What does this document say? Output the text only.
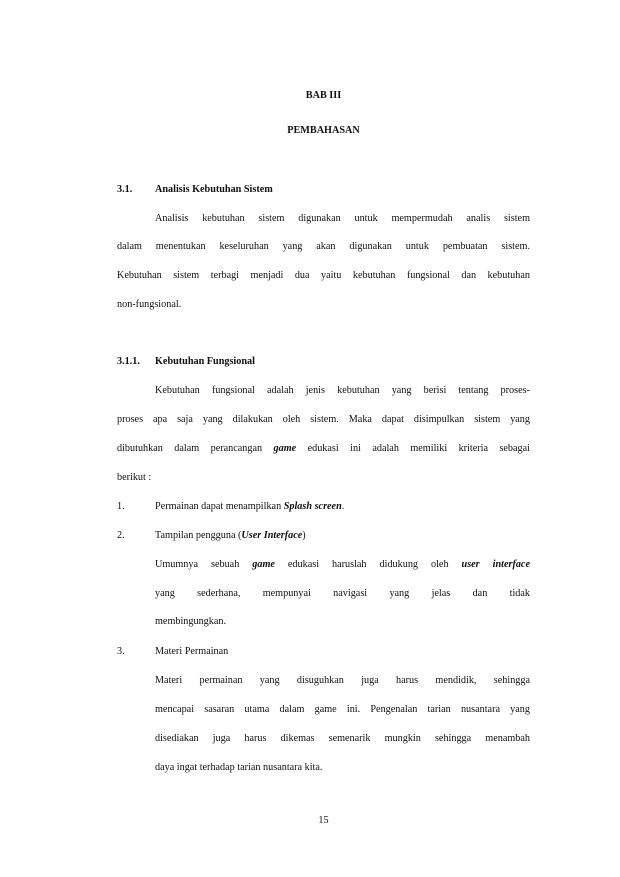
BAB III
PEMBAHASAN
3.1. Analisis Kebutuhan Sistem
Analisis kebutuhan sistem digunakan untuk mempermudah analis sistem
dalam menentukan keseluruhan yang akan digunakan untuk pembuatan sistem.
Kebutuhan sistem terbagi menjadi dua yaitu kebutuhan fungsional dan kebutuhan
non-fungsional.
3.1.1. Kebutuhan Fungsional
Kebutuhan fungsional adalah jenis kebutuhan yang berisi tentang proses-
proses apa saja yang dilakukan oleh sistem. Maka dapat disimpulkan sistem yang
dibutuhkan dalam perancangan game edukasi ini adalah memiliki kriteria sebagai
berikut :
1.	Permainan dapat menampilkan Splash screen.
2.	Tampilan pengguna (User Interface)
Umumnya sebuah game edukasi haruslah didukung oleh user interface
yang sederhana, mempunyai navigasi yang jelas dan tidak
membingungkan.
3.	Materi Permainan
Materi permainan yang disuguhkan juga harus mendidik, sehingga
mencapai sasaran utama dalam game ini. Pengenalan tarian nusantara yang
disediakan juga harus dikemas semenarik mungkin sehingga menambah
daya ingat terhadap tarian nusantara kita.
15
